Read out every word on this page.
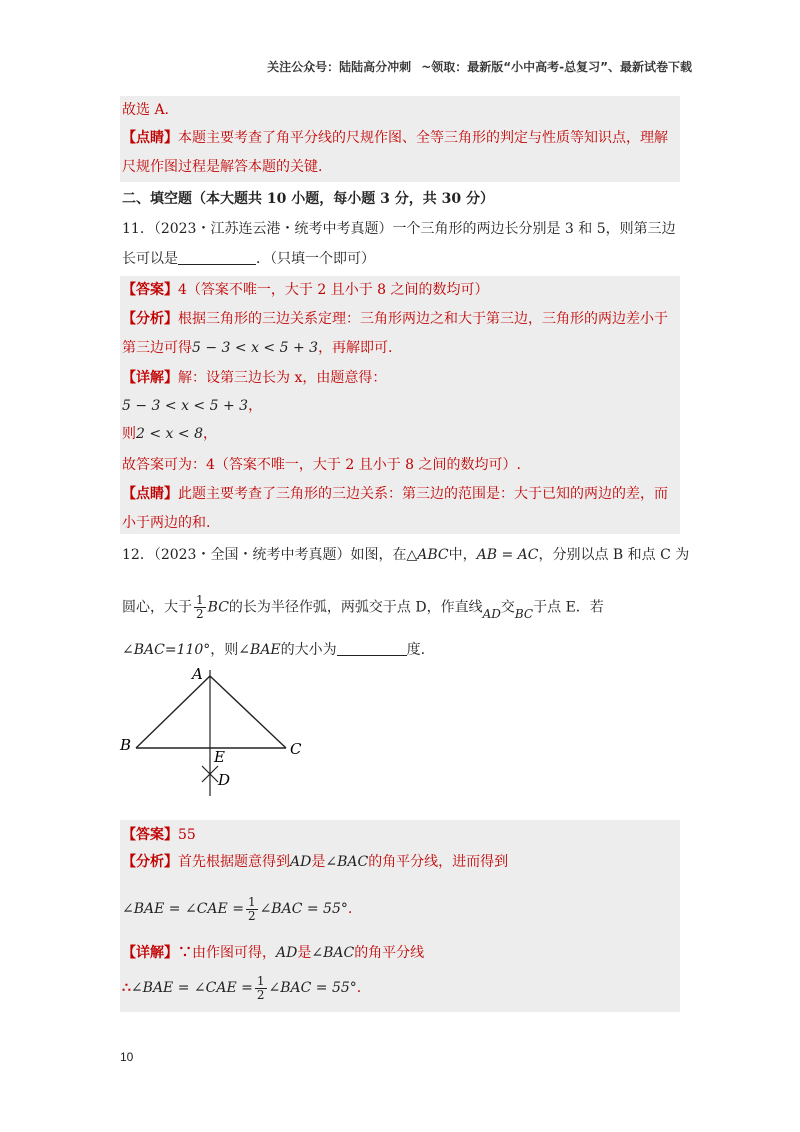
关注公众号：陆陆高分冲刺 ~领取：最新版“小中高考-总复习”、最新试卷下载
故选 A.
【点睛】本题主要考查了角平分线的尺规作图、全等三角形的判定与性质等知识点，理解
尺规作图过程是解答本题的关键.
二、填空题（本大题共 10 小题，每小题 3 分，共 30 分）
11．（2023・江苏连云港・统考中考真题）一个三角形的两边长分别是 3 和 5，则第三边
长可以是	．（只填一个即可）
【答案】4（答案不唯一，大于 2 且小于 8 之间的数均可）
【分析】根据三角形的三边关系定理：三角形两边之和大于第三边，三角形的两边差小于
第三边可得5 − 3 < x < 5 + 3，再解即可.
【详解】解：设第三边长为 x，由题意得：
5 − 3 < x < 5 + 3，
则2 < x < 8，
故答案可为：4（答案不唯一，大于 2 且小于 8 之间的数均可）.
【点睛】此题主要考查了三角形的三边关系：第三边的范围是：大于已知的两边的差，而
小于两边的和.
12．（2023・全国・统考中考真题）如图，在△ABC中，AB = AC，分别以点 B 和点 C 为
圆心，大于 $\frac{1}{2}$ BC的长为半径作弧，两弧交于点 D，作直线AD交BC于点 E．若
∠BAC=110°，则∠BAE的大小为	度.
A
B	C
E
D
【答案】55
【分析】首先根据题意得到AD是∠BAC的角平分线，进而得到
∠BAE = ∠CAE = $\frac{1}{2}$ ∠BAC = 55°.
【详解】∵由作图可得，AD是∠BAC的角平分线
∴∠BAE = ∠CAE = $\frac{1}{2}$ ∠BAC = 55°.
10
